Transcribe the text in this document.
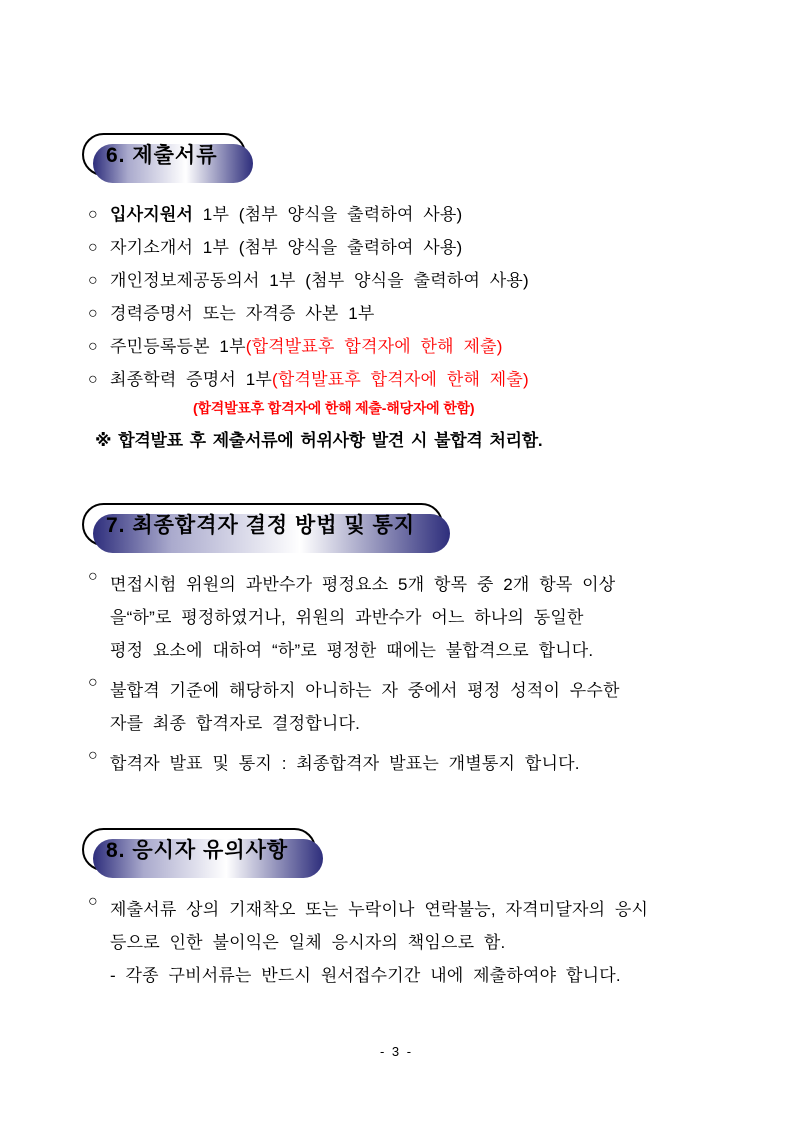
6. 제출서류
○ 입사지원서 1부 (첨부 양식을 출력하여 사용)
○ 자기소개서 1부 (첨부 양식을 출력하여 사용)
○ 개인정보제공동의서 1부 (첨부 양식을 출력하여 사용)
○ 경력증명서 또는 자격증 사본 1부
○ 주민등록등본 1부(합격발표후 합격자에 한해 제출)
○ 최종학력 증명서 1부(합격발표후 합격자에 한해 제출)
(합격발표후 합격자에 한해 제출-해당자에 한함)
※ 합격발표 후 제출서류에 허위사항 발견 시 불합격 처리함.
7. 최종합격자 결정 방법 및 통지
○ 면접시험 위원의 과반수가 평정요소 5개 항목 중 2개 항목 이상
을“하”로 평정하였거나, 위원의 과반수가 어느 하나의 동일한
평정 요소에 대하여 “하”로 평정한 때에는 불합격으로 합니다.
○ 불합격 기준에 해당하지 아니하는 자 중에서 평정 성적이 우수한
자를 최종 합격자로 결정합니다.
○ 합격자 발표 및 통지 : 최종합격자 발표는 개별통지 합니다.
8. 응시자 유의사항
○ 제출서류 상의 기재착오 또는 누락이나 연락불능, 자격미달자의 응시
등으로 인한 불이익은 일체 응시자의 책임으로 함.
- 각종 구비서류는 반드시 원서접수기간 내에 제출하여야 합니다.
- 3 -
